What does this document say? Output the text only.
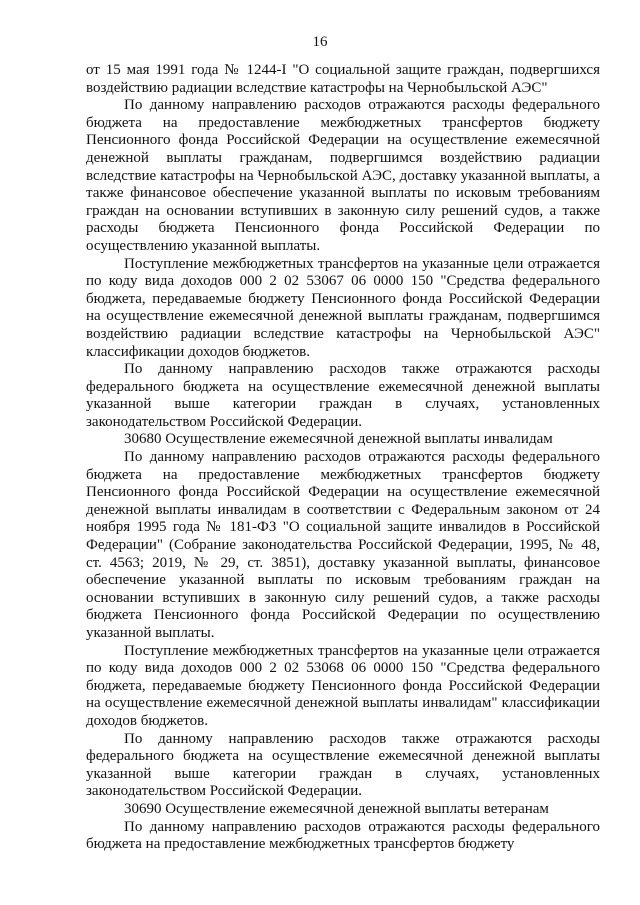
16

от 15 мая 1991 года № 1244-I "О социальной защите граждан, подвергшихся воздействию радиации вследствие катастрофы на Чернобыльской АЭС"

По данному направлению расходов отражаются расходы федерального бюджета на предоставление межбюджетных трансфертов бюджету Пенсионного фонда Российской Федерации на осуществление ежемесячной денежной выплаты гражданам, подвергшимся воздействию радиации вследствие катастрофы на Чернобыльской АЭС, доставку указанной выплаты, а также финансовое обеспечение указанной выплаты по исковым требованиям граждан на основании вступивших в законную силу решений судов, а также расходы бюджета Пенсионного фонда Российской Федерации по осуществлению указанной выплаты.

Поступление межбюджетных трансфертов на указанные цели отражается по коду вида доходов 000 2 02 53067 06 0000 150 "Средства федерального бюджета, передаваемые бюджету Пенсионного фонда Российской Федерации на осуществление ежемесячной денежной выплаты гражданам, подвергшимся воздействию радиации вследствие катастрофы на Чернобыльской АЭС" классификации доходов бюджетов.

По данному направлению расходов также отражаются расходы федерального бюджета на осуществление ежемесячной денежной выплаты указанной выше категории граждан в случаях, установленных законодательством Российской Федерации.

30680 Осуществление ежемесячной денежной выплаты инвалидам

По данному направлению расходов отражаются расходы федерального бюджета на предоставление межбюджетных трансфертов бюджету Пенсионного фонда Российской Федерации на осуществление ежемесячной денежной выплаты инвалидам в соответствии с Федеральным законом от 24 ноября 1995 года № 181-ФЗ "О социальной защите инвалидов в Российской Федерации" (Собрание законодательства Российской Федерации, 1995, № 48, ст. 4563; 2019, № 29, ст. 3851), доставку указанной выплаты, финансовое обеспечение указанной выплаты по исковым требованиям граждан на основании вступивших в законную силу решений судов, а также расходы бюджета Пенсионного фонда Российской Федерации по осуществлению указанной выплаты.

Поступление межбюджетных трансфертов на указанные цели отражается по коду вида доходов 000 2 02 53068 06 0000 150 "Средства федерального бюджета, передаваемые бюджету Пенсионного фонда Российской Федерации на осуществление ежемесячной денежной выплаты инвалидам" классификации доходов бюджетов.

По данному направлению расходов также отражаются расходы федерального бюджета на осуществление ежемесячной денежной выплаты указанной выше категории граждан в случаях, установленных законодательством Российской Федерации.

30690 Осуществление ежемесячной денежной выплаты ветеранам

По данному направлению расходов отражаются расходы федерального бюджета на предоставление межбюджетных трансфертов бюджету
